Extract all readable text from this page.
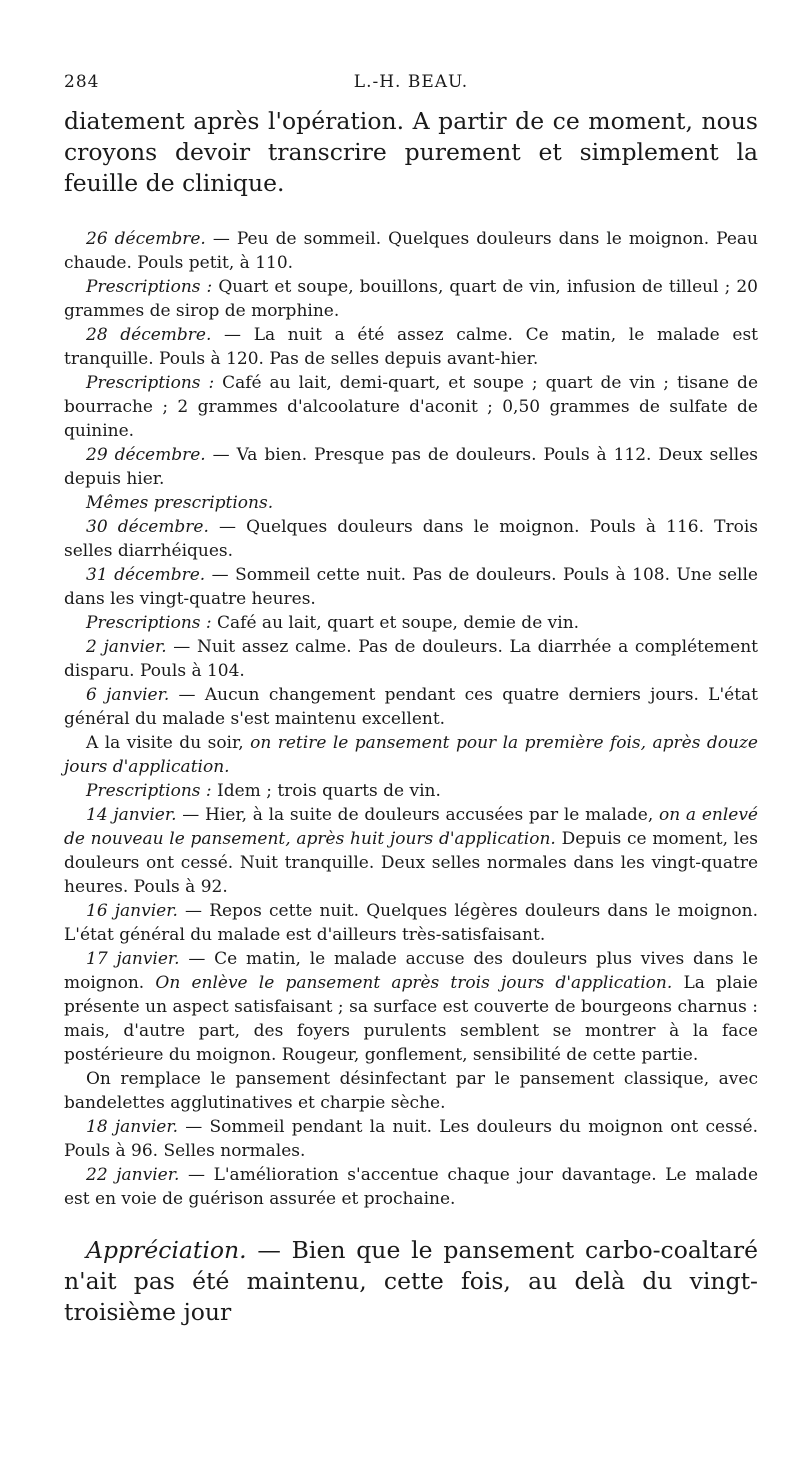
284	L.-H. BEAU.
diatement après l'opération. A partir de ce moment, nous croyons devoir transcrire purement et simplement la feuille de clinique.

26 décembre. — Peu de sommeil. Quelques douleurs dans le moignon. Peau chaude. Pouls petit, à 110.

Prescriptions : Quart et soupe, bouillons, quart de vin, infusion de tilleul ; 20 grammes de sirop de morphine.

28 décembre. — La nuit a été assez calme. Ce matin, le malade est tranquille. Pouls à 120. Pas de selles depuis avant-hier.

Prescriptions : Café au lait, demi-quart, et soupe ; quart de vin ; tisane de bourrache ; 2 grammes d'alcoolature d'aconit ; 0,50 grammes de sulfate de quinine.

29 décembre. — Va bien. Presque pas de douleurs. Pouls à 112. Deux selles depuis hier.

Mêmes prescriptions.

30 décembre. — Quelques douleurs dans le moignon. Pouls à 116. Trois selles diarrhéiques.

31 décembre. — Sommeil cette nuit. Pas de douleurs. Pouls à 108. Une selle dans les vingt-quatre heures.

Prescriptions : Café au lait, quart et soupe, demie de vin.

2 janvier. — Nuit assez calme. Pas de douleurs. La diarrhée a complétement disparu. Pouls à 104.

6 janvier. — Aucun changement pendant ces quatre derniers jours. L'état général du malade s'est maintenu excellent.

A la visite du soir, on retire le pansement pour la première fois, après douze jours d'application.

Prescriptions : Idem ; trois quarts de vin.

14 janvier. — Hier, à la suite de douleurs accusées par le malade, on a enlevé de nouveau le pansement, après huit jours d'application. Depuis ce moment, les douleurs ont cessé. Nuit tranquille. Deux selles normales dans les vingt-quatre heures. Pouls à 92.

16 janvier. — Repos cette nuit. Quelques légères douleurs dans le moignon. L'état général du malade est d'ailleurs très-satisfaisant.

17 janvier. — Ce matin, le malade accuse des douleurs plus vives dans le moignon. On enlève le pansement après trois jours d'application. La plaie présente un aspect satisfaisant ; sa surface est couverte de bourgeons charnus : mais, d'autre part, des foyers purulents semblent se montrer à la face postérieure du moignon. Rougeur, gonflement, sensibilité de cette partie.

On remplace le pansement désinfectant par le pansement classique, avec bandelettes agglutinatives et charpie sèche.

18 janvier. — Sommeil pendant la nuit. Les douleurs du moignon ont cessé. Pouls à 96. Selles normales.

22 janvier. — L'amélioration s'accentue chaque jour davantage. Le malade est en voie de guérison assurée et prochaine.

Appréciation. — Bien que le pansement carbo-coaltaré n'ait pas été maintenu, cette fois, au delà du vingt-troisième jour
